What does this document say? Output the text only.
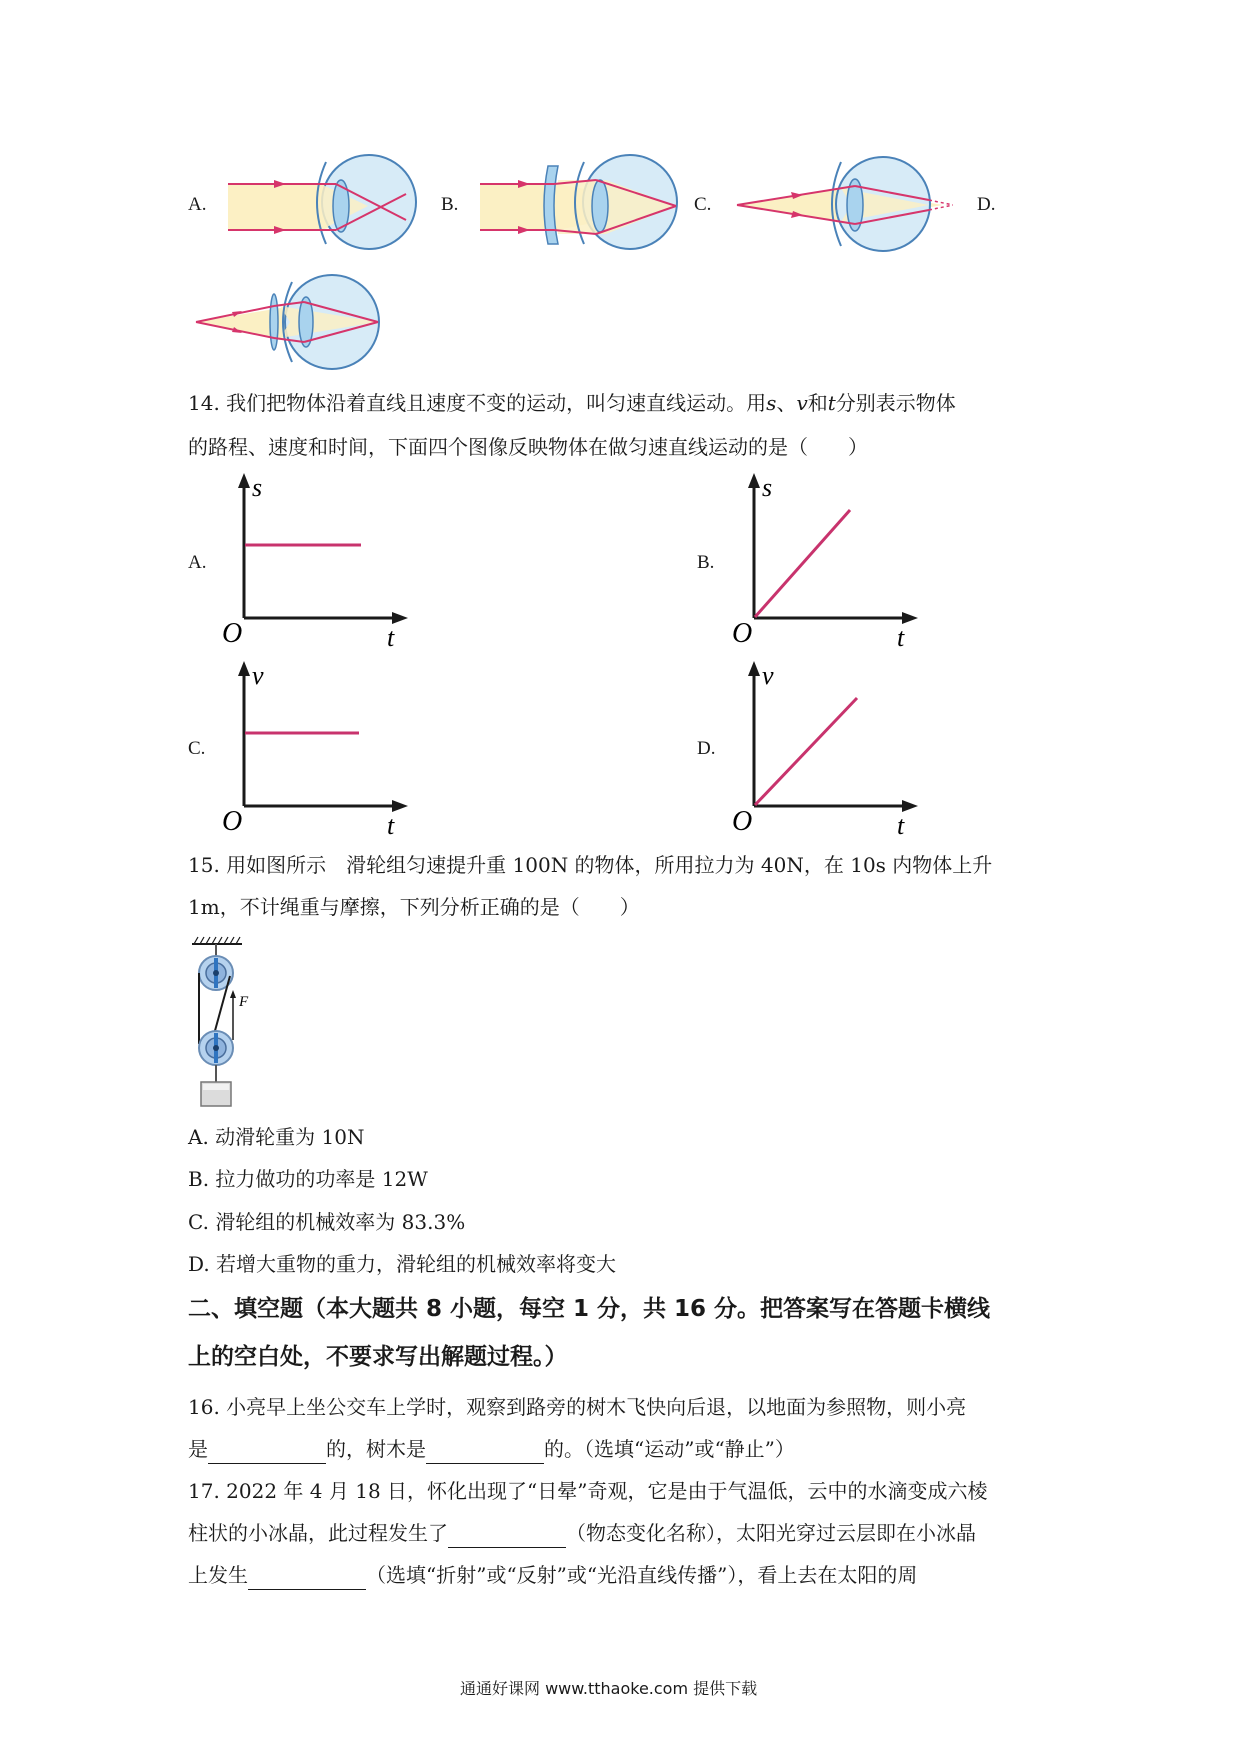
A.	B.	C.	D.
14. 我们把物体沿着直线且速度不变的运动，叫匀速直线运动。用s、v和t分别表示物体
的路程、速度和时间，下面四个图像反映物体在做匀速直线运动的是（　　）
A.	B.
C.	D.
s
t
O
s
t
O
v
t
O
v
t
O
15. 用如图所示　滑轮组匀速提升重 100N 的物体，所用拉力为 40N，在 10s 内物体上升
1m，不计绳重与摩擦，下列分析正确的是（　　）
F
A. 动滑轮重为 10N
B. 拉力做功的功率是 12W
C. 滑轮组的机械效率为 83.3%
D. 若增大重物的重力，滑轮组的机械效率将变大
二、填空题（本大题共 8 小题，每空 1 分，共 16 分。把答案写在答题卡横线
上的空白处，不要求写出解题过程。）
16. 小亮早上坐公交车上学时，观察到路旁的树木飞快向后退，以地面为参照物，则小亮
是	的，树木是	的。（选填“运动”或“静止”）
17. 2022 年 4 月 18 日，怀化出现了“日晕”奇观，它是由于气温低，云中的水滴变成六棱
柱状的小冰晶，此过程发生了	（物态变化名称），太阳光穿过云层即在小冰晶
上发生	（选填“折射”或“反射”或“光沿直线传播”），看上去在太阳的周
通通好课网 www.tthaoke.com 提供下载
